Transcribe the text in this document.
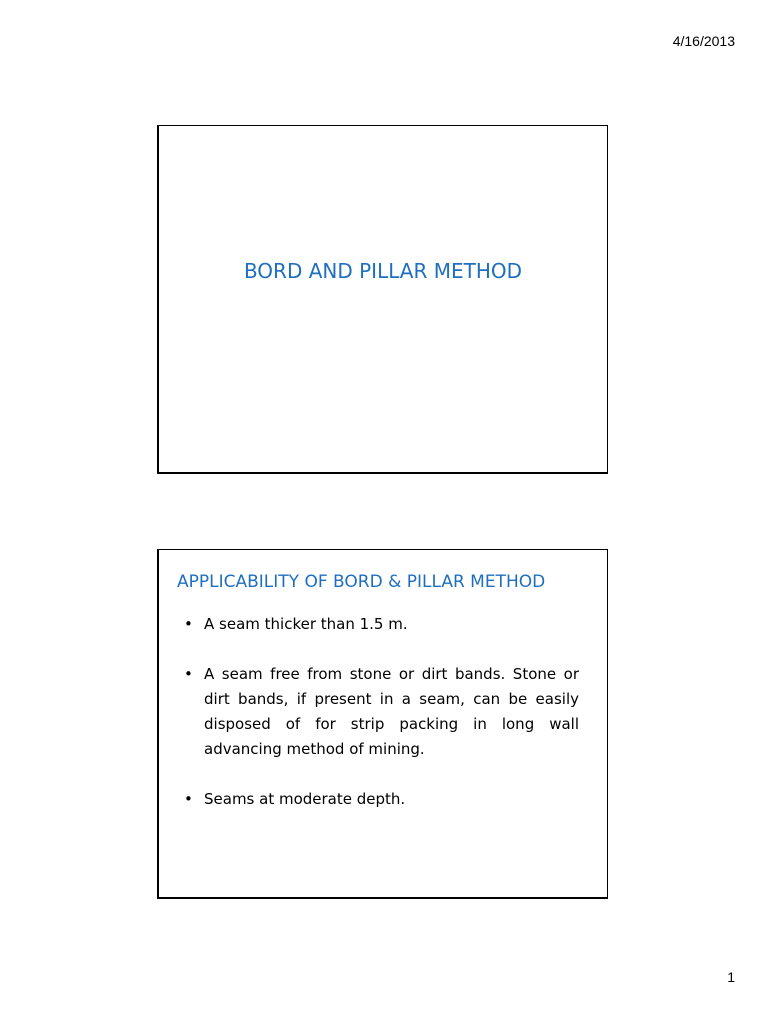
4/16/2013
BORD AND PILLAR METHOD
APPLICABILITY OF BORD & PILLAR METHOD
• A seam thicker than 1.5 m.
• A seam free from stone or dirt bands. Stone or dirt bands, if present in a seam, can be easily disposed of for strip packing in long wall advancing method of mining.
• Seams at moderate depth.
1
